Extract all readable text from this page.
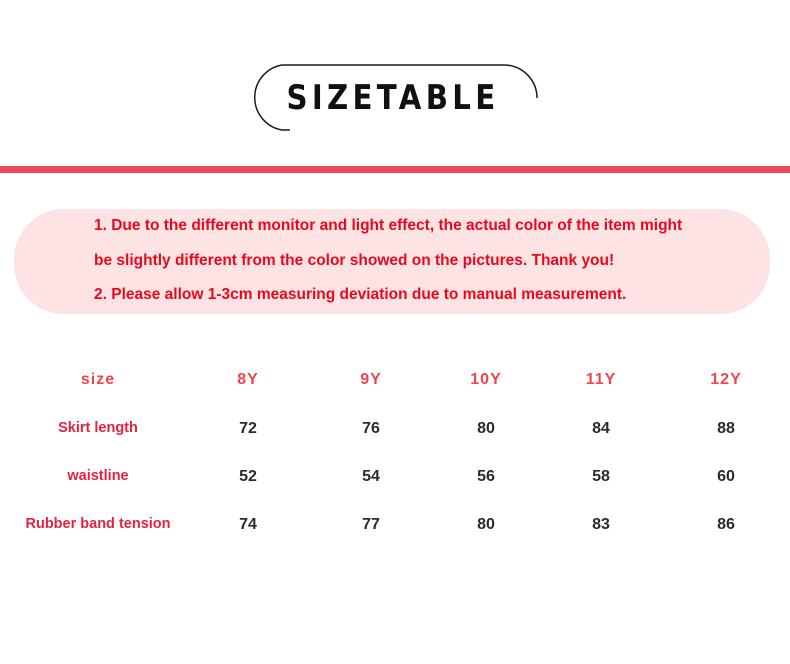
SIZETABLE
1. Due to the different monitor and light effect, the actual color of the item might
be slightly different from the color showed on the pictures. Thank you!
2. Please allow 1-3cm measuring deviation due to manual measurement.
size	8Y	9Y	10Y	11Y	12Y
Skirt length	72	76	80	84	88
waistline	52	54	56	58	60
Rubber band tension	74	77	80	83	86
